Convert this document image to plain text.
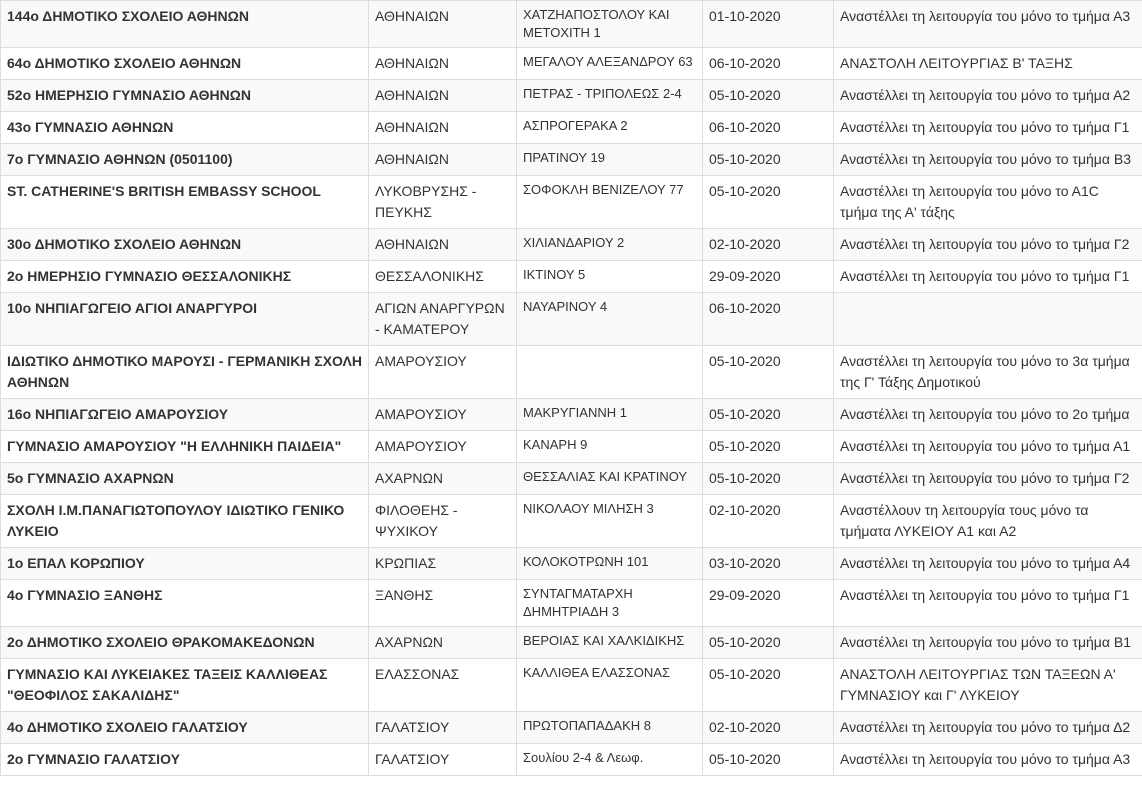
144ο ΔΗΜΟΤΙΚΟ ΣΧΟΛΕΙΟ ΑΘΗΝΩΝ	ΑΘΗΝΑΙΩΝ	ΧΑΤΖΗΑΠΟΣΤΟΛΟΥ ΚΑΙ ΜΕΤΟΧΙΤΗ 1	01-10-2020	Αναστέλλει τη λειτουργία του μόνο το τμήμα Α3
64ο ΔΗΜΟΤΙΚΟ ΣΧΟΛΕΙΟ ΑΘΗΝΩΝ	ΑΘΗΝΑΙΩΝ	ΜΕΓΑΛΟΥ ΑΛΕΞΑΝΔΡΟΥ 63	06-10-2020	ΑΝΑΣΤΟΛΗ ΛΕΙΤΟΥΡΓΙΑΣ Β' ΤΑΞΗΣ
52ο ΗΜΕΡΗΣΙΟ ΓΥΜΝΑΣΙΟ ΑΘΗΝΩΝ	ΑΘΗΝΑΙΩΝ	ΠΕΤΡΑΣ - ΤΡΙΠΟΛΕΩΣ 2-4	05-10-2020	Αναστέλλει τη λειτουργία του μόνο το τμήμα Α2
43ο ΓΥΜΝΑΣΙΟ ΑΘΗΝΩΝ	ΑΘΗΝΑΙΩΝ	ΑΣΠΡΟΓΕΡΑΚΑ 2	06-10-2020	Αναστέλλει τη λειτουργία του μόνο το τμήμα Γ1
7ο ΓΥΜΝΑΣΙΟ ΑΘΗΝΩΝ (0501100)	ΑΘΗΝΑΙΩΝ	ΠΡΑΤΙΝΟΥ 19	05-10-2020	Αναστέλλει τη λειτουργία του μόνο το τμήμα Β3
ST. CATHERINE'S BRITISH EMBASSY SCHOOL	ΛΥΚΟΒΡΥΣΗΣ - ΠΕΥΚΗΣ	ΣΟΦΟΚΛΗ ΒΕΝΙΖΕΛΟΥ 77	05-10-2020	Αναστέλλει τη λειτουργία του μόνο το Α1C τμήμα της Α' τάξης
30ο ΔΗΜΟΤΙΚΟ ΣΧΟΛΕΙΟ ΑΘΗΝΩΝ	ΑΘΗΝΑΙΩΝ	ΧΙΛΙΑΝΔΑΡΙΟΥ 2	02-10-2020	Αναστέλλει τη λειτουργία του μόνο το τμήμα Γ2
2ο ΗΜΕΡΗΣΙΟ ΓΥΜΝΑΣΙΟ ΘΕΣΣΑΛΟΝΙΚΗΣ	ΘΕΣΣΑΛΟΝΙΚΗΣ	ΙΚΤΙΝΟΥ 5	29-09-2020	Αναστέλλει τη λειτουργία του μόνο το τμήμα Γ1
10ο ΝΗΠΙΑΓΩΓΕΙΟ ΑΓΙΟΙ ΑΝΑΡΓΥΡΟΙ	ΑΓΙΩΝ ΑΝΑΡΓΥΡΩΝ - ΚΑΜΑΤΕΡΟΥ	ΝΑΥΑΡΙΝΟΥ 4	06-10-2020	
ΙΔΙΩΤΙΚΟ ΔΗΜΟΤΙΚΟ ΜΑΡΟΥΣΙ - ΓΕΡΜΑΝΙΚΗ ΣΧΟΛΗ ΑΘΗΝΩΝ	ΑΜΑΡΟΥΣΙΟΥ		05-10-2020	Αναστέλλει τη λειτουργία του μόνο το 3α τμήμα της Γ' Τάξης Δημοτικού
16ο ΝΗΠΙΑΓΩΓΕΙΟ ΑΜΑΡΟΥΣΙΟΥ	ΑΜΑΡΟΥΣΙΟΥ	ΜΑΚΡΥΓΙΑΝΝΗ 1	05-10-2020	Αναστέλλει τη λειτουργία του μόνο το 2ο τμήμα
ΓΥΜΝΑΣΙΟ ΑΜΑΡΟΥΣΙΟΥ "Η ΕΛΛΗΝΙΚΗ ΠΑΙΔΕΙΑ"	ΑΜΑΡΟΥΣΙΟΥ	ΚΑΝΑΡΗ 9	05-10-2020	Αναστέλλει τη λειτουργία του μόνο το τμήμα Α1
5ο ΓΥΜΝΑΣΙΟ ΑΧΑΡΝΩΝ	ΑΧΑΡΝΩΝ	ΘΕΣΣΑΛΙΑΣ ΚΑΙ ΚΡΑΤΙΝΟΥ	05-10-2020	Αναστέλλει τη λειτουργία του μόνο το τμήμα Γ2
ΣΧΟΛΗ Ι.Μ.ΠΑΝΑΓΙΩΤΟΠΟΥΛΟΥ ΙΔΙΩΤΙΚΟ ΓΕΝΙΚΟ ΛΥΚΕΙΟ	ΦΙΛΟΘΕΗΣ - ΨΥΧΙΚΟΥ	ΝΙΚΟΛΑΟΥ ΜΙΛΗΣΗ 3	02-10-2020	Αναστέλλουν τη λειτουργία τους μόνο τα τμήματα ΛΥΚΕΙΟΥ Α1 και Α2
1ο ΕΠΑΛ ΚΟΡΩΠΙΟΥ	ΚΡΩΠΙΑΣ	ΚΟΛΟΚΟΤΡΩΝΗ 101	03-10-2020	Αναστέλλει τη λειτουργία του μόνο το τμήμα Α4
4ο ΓΥΜΝΑΣΙΟ ΞΑΝΘΗΣ	ΞΑΝΘΗΣ	ΣΥΝΤΑΓΜΑΤΑΡΧΗ ΔΗΜΗΤΡΙΑΔΗ 3	29-09-2020	Αναστέλλει τη λειτουργία του μόνο το τμήμα Γ1
2ο ΔΗΜΟΤΙΚΟ ΣΧΟΛΕΙΟ ΘΡΑΚΟΜΑΚΕΔΟΝΩΝ	ΑΧΑΡΝΩΝ	ΒΕΡΟΙΑΣ ΚΑΙ ΧΑΛΚΙΔΙΚΗΣ	05-10-2020	Αναστέλλει τη λειτουργία του μόνο το τμήμα Β1
ΓΥΜΝΑΣΙΟ ΚΑΙ ΛΥΚΕΙΑΚΕΣ ΤΑΞΕΙΣ ΚΑΛΛΙΘΕΑΣ "ΘΕΟΦΙΛΟΣ ΣΑΚΑΛΙΔΗΣ"	ΕΛΑΣΣΟΝΑΣ	ΚΑΛΛΙΘΕΑ ΕΛΑΣΣΟΝΑΣ	05-10-2020	ΑΝΑΣΤΟΛΗ ΛΕΙΤΟΥΡΓΙΑΣ ΤΩΝ ΤΑΞΕΩΝ Α' ΓΥΜΝΑΣΙΟΥ και Γ' ΛΥΚΕΙΟΥ
4ο ΔΗΜΟΤΙΚΟ ΣΧΟΛΕΙΟ ΓΑΛΑΤΣΙΟΥ	ΓΑΛΑΤΣΙΟΥ	ΠΡΩΤΟΠΑΠΑΔΑΚΗ 8	02-10-2020	Αναστέλλει τη λειτουργία του μόνο το τμήμα Δ2
2ο ΓΥΜΝΑΣΙΟ ΓΑΛΑΤΣΙΟΥ	ΓΑΛΑΤΣΙΟΥ	Σουλίου 2-4 & Λεωφ.	05-10-2020	Αναστέλλει τη λειτουργία του μόνο το τμήμα Α3
